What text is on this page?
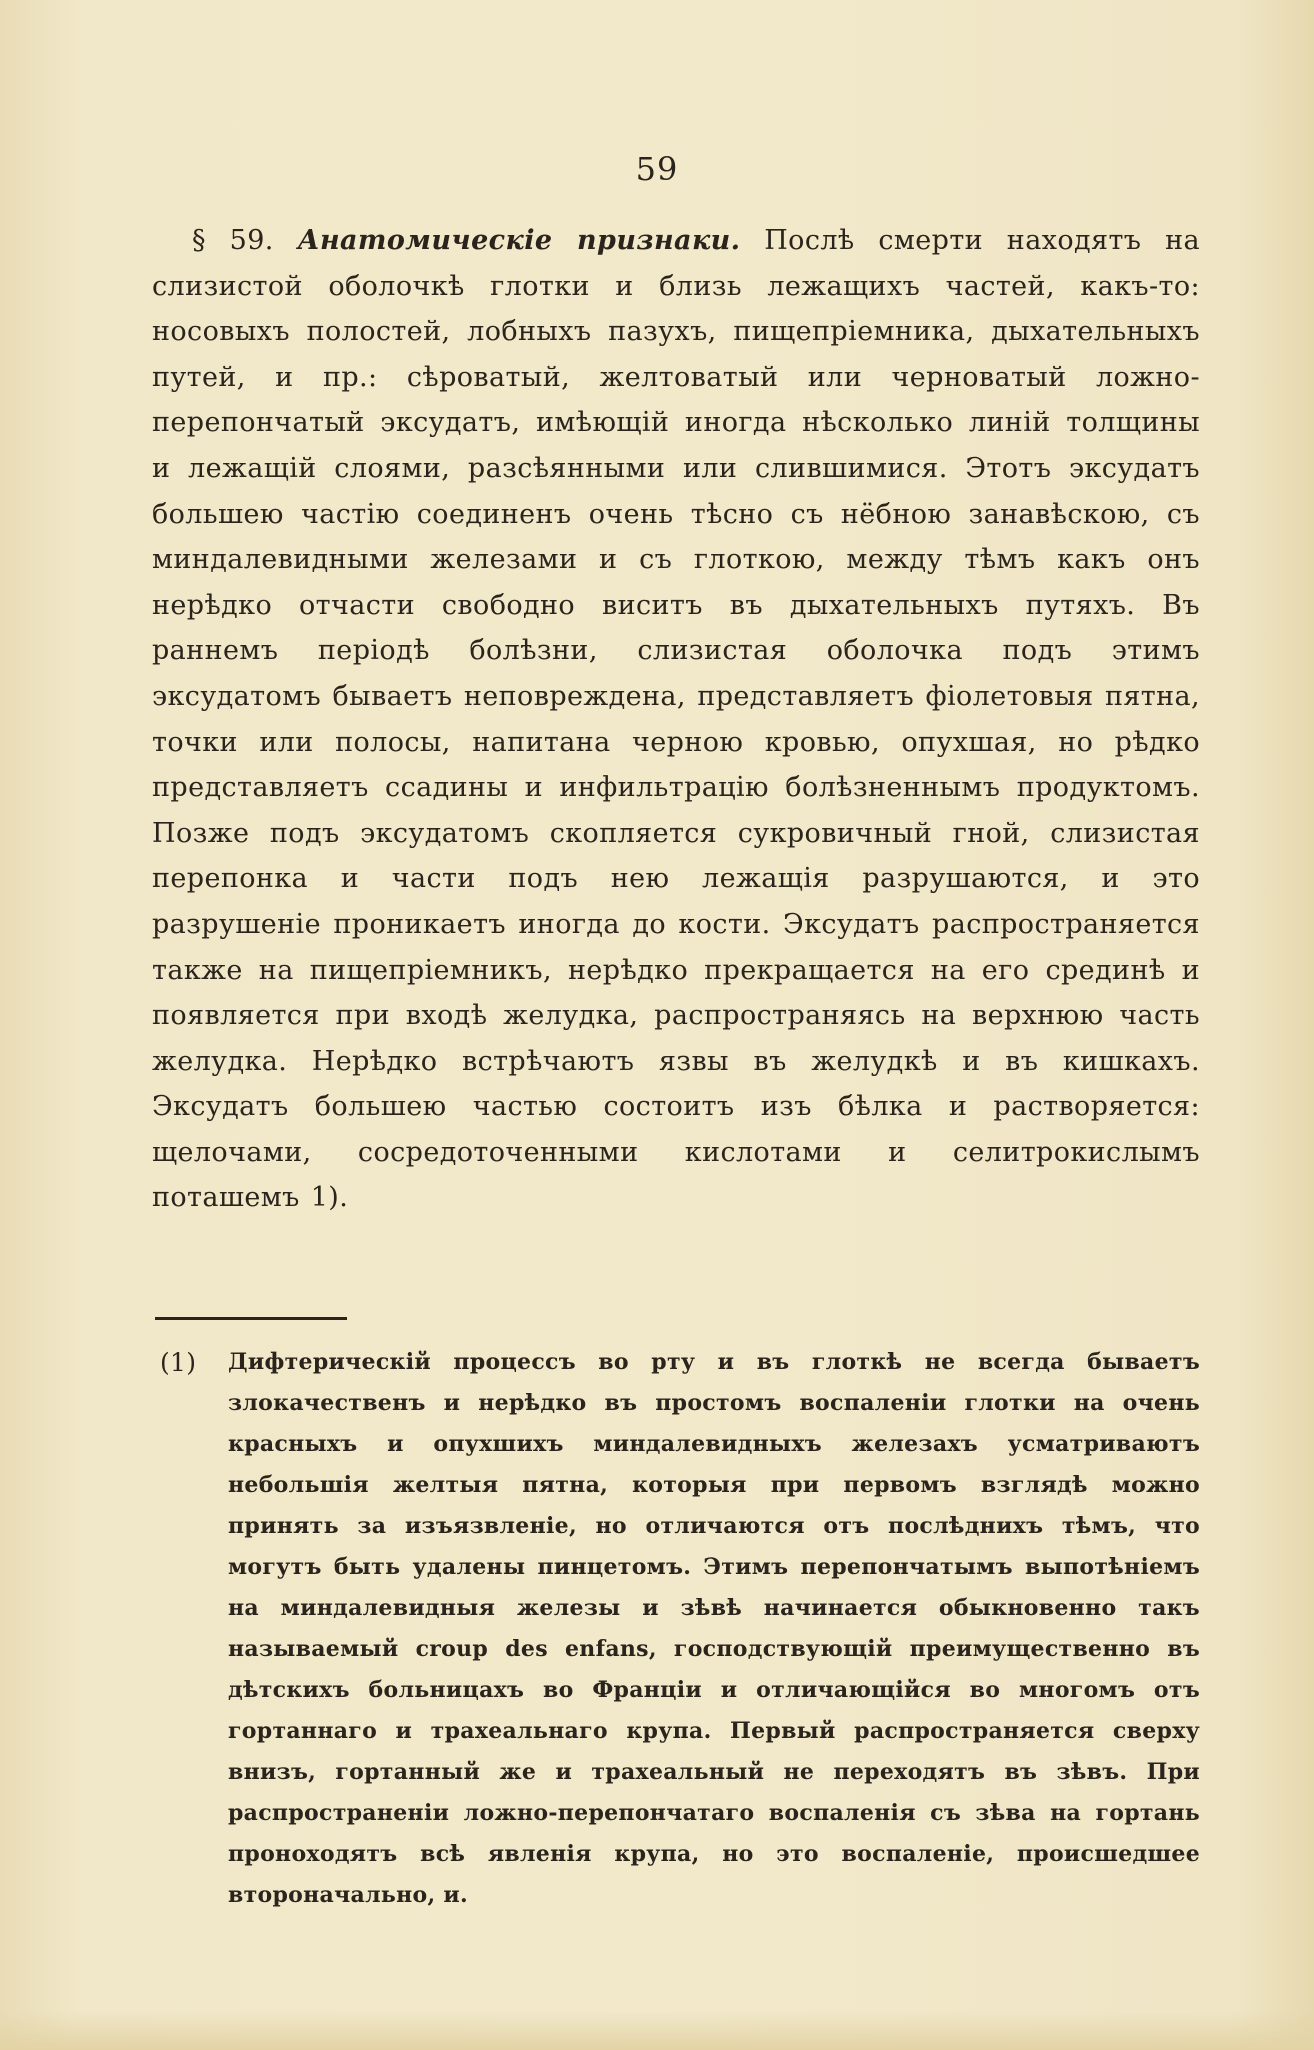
59

§ 59. Анатомическіе признаки. Послѣ смерти находятъ на слизистой оболочкѣ глотки и близь лежащихъ частей, какъ-то: носовыхъ полостей, лобныхъ пазухъ, пищепріемника, дыхательныхъ путей, и пр.: сѣроватый, желтоватый или черноватый ложно-перепончатый эксудатъ, имѣющій иногда нѣсколько линій толщины и лежащій слоями, разсѣянными или слившимися. Этотъ эксудатъ большею частію соединенъ очень тѣсно съ нёбною занавѣскою, съ миндалевидными железами и съ глоткою, между тѣмъ какъ онъ нерѣдко отчасти свободно виситъ въ дыхательныхъ путяхъ. Въ раннемъ періодѣ болѣзни, слизистая оболочка подъ этимъ эксудатомъ бываетъ неповреждена, представляетъ фіолетовыя пятна, точки или полосы, напитана черною кровью, опухшая, но рѣдко представляетъ ссадины и инфильтрацію болѣзненнымъ продуктомъ. Позже подъ эксудатомъ скопляется сукровичный гной, слизистая перепонка и части подъ нею лежащія разрушаются, и это разрушеніе проникаетъ иногда до кости. Эксудатъ распространяется также на пищепріемникъ, нерѣдко прекращается на его срединѣ и появляется при входѣ желудка, распространяясь на верхнюю часть желудка. Нерѣдко встрѣчаютъ язвы въ желудкѣ и въ кишкахъ. Эксудатъ большею частью состоитъ изъ бѣлка и растворяется: щелочами, сосредоточенными кислотами и селитрокислымъ поташемъ 1).

(1) Дифтерическій процессъ во рту и въ глоткѣ не всегда бываетъ злокачественъ и нерѣдко въ простомъ воспаленіи глотки на очень красныхъ и опухшихъ миндалевидныхъ железахъ усматриваютъ небольшія желтыя пятна, которыя при первомъ взглядѣ можно принять за изъязвленіе, но отличаются отъ послѣднихъ тѣмъ, что могутъ быть удалены пинцетомъ. Этимъ перепончатымъ выпотѣніемъ на миндалевидныя железы и зѣвѣ начинается обыкновенно такъ называемый croup des enfans, господствующій преимущественно въ дѣтскихъ больницахъ во Франціи и отличающійся во многомъ отъ гортаннаго и трахеальнаго крупа. Первый распространяется сверху внизъ, гортанный же и трахеальный не переходятъ въ зѣвъ. При распространеніи ложно-перепончатаго воспаленія съ зѣва на гортань проноходятъ всѣ явленія крупа, но это воспаленіе, происшедшее вторoначально, и.
